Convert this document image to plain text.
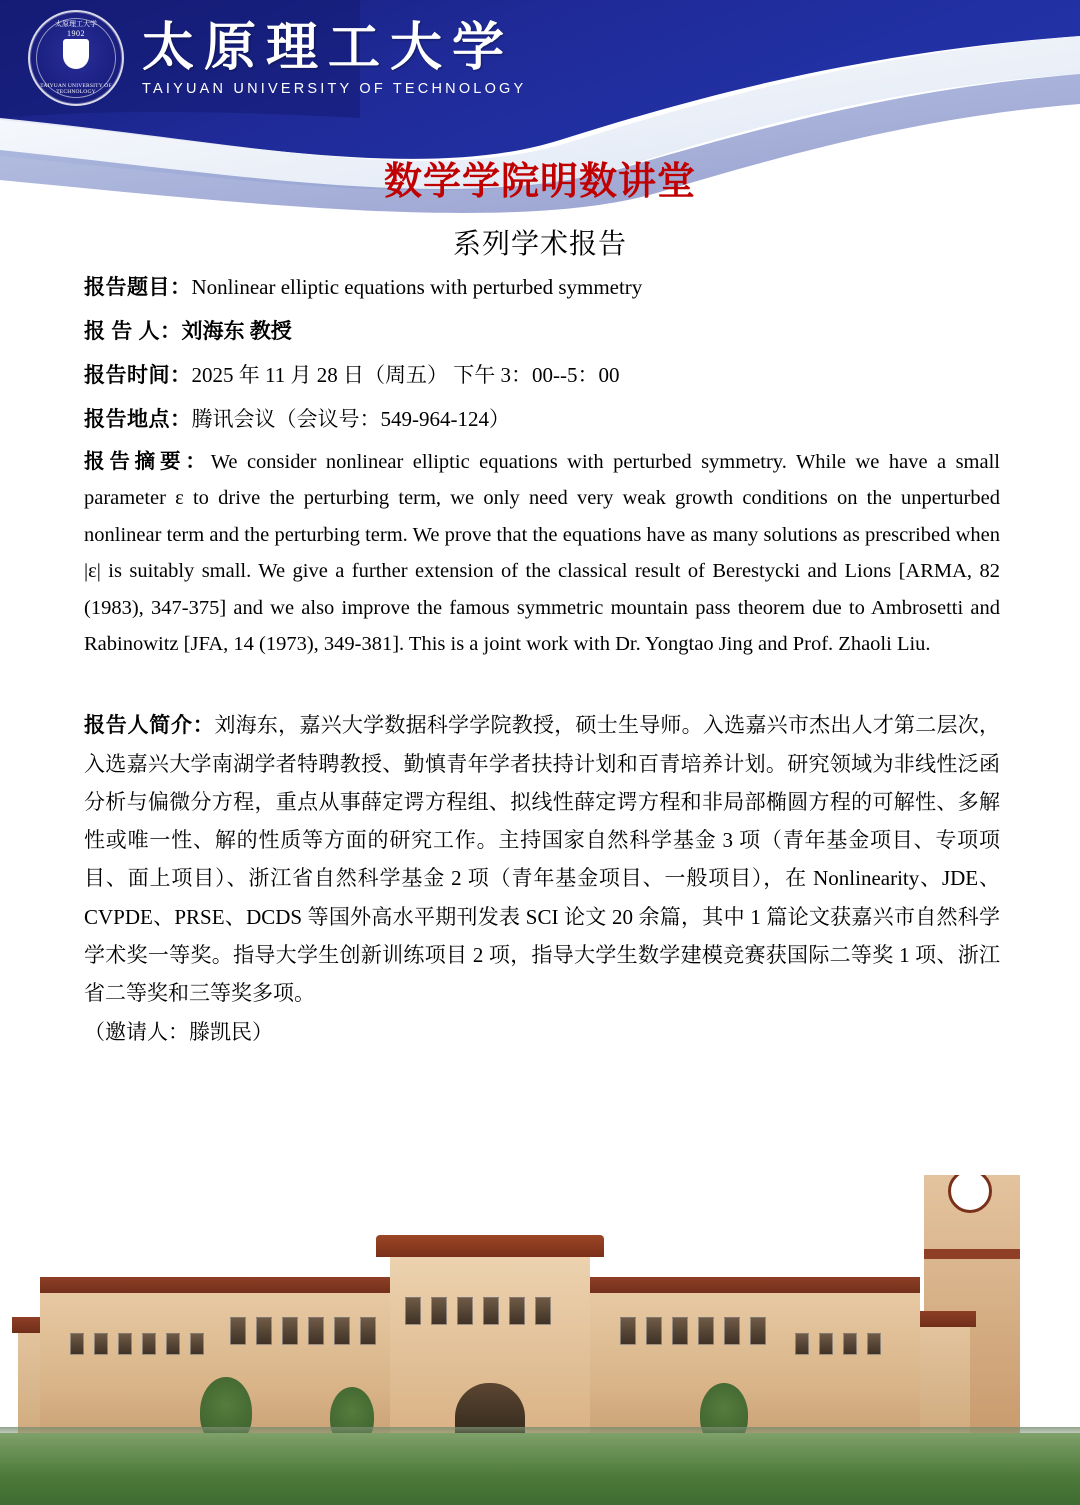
太原理工大学
1902
TAIYUAN UNIVERSITY OF TECHNOLOGY
太原理工大学
TAIYUAN UNIVERSITY OF TECHNOLOGY
数学学院明数讲堂
系列学术报告
报告题目：Nonlinear elliptic equations with perturbed symmetry
报 告 人：刘海东 教授
报告时间：2025 年 11 月 28 日（周五） 下午 3：00--5：00
报告地点：腾讯会议（会议号：549-964-124）
报告摘要：We consider nonlinear elliptic equations with perturbed symmetry. While we have a small parameter ε to drive the perturbing term, we only need very weak growth conditions on the unperturbed nonlinear term and the perturbing term. We prove that the equations have as many solutions as prescribed when |ε| is suitably small. We give a further extension of the classical result of Berestycki and Lions [ARMA, 82 (1983), 347-375] and we also improve the famous symmetric mountain pass theorem due to Ambrosetti and Rabinowitz [JFA, 14 (1973), 349-381]. This is a joint work with Dr. Yongtao Jing and Prof. Zhaoli Liu.
报告人简介：刘海东，嘉兴大学数据科学学院教授，硕士生导师。入选嘉兴市杰出人才第二层次，入选嘉兴大学南湖学者特聘教授、勤慎青年学者扶持计划和百青培养计划。研究领域为非线性泛函分析与偏微分方程，重点从事薛定谔方程组、拟线性薛定谔方程和非局部椭圆方程的可解性、多解性或唯一性、解的性质等方面的研究工作。主持国家自然科学基金 3 项（青年基金项目、专项项目、面上项目）、浙江省自然科学基金 2 项（青年基金项目、一般项目），在 Nonlinearity、JDE、CVPDE、PRSE、DCDS 等国外高水平期刊发表 SCI 论文 20 余篇，其中 1 篇论文获嘉兴市自然科学学术奖一等奖。指导大学生创新训练项目 2 项，指导大学生数学建模竞赛获国际二等奖 1 项、浙江省二等奖和三等奖多项。
（邀请人：滕凯民）
